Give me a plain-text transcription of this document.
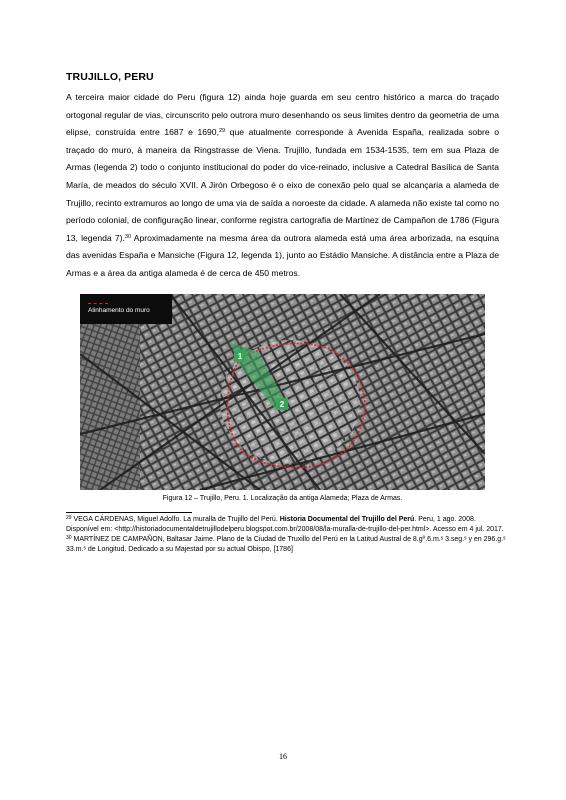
TRUJILLO, PERU
A terceira maior cidade do Peru (figura 12) ainda hoje guarda em seu centro histórico a marca do traçado ortogonal regular de vias, circunscrito pelo outrora muro desenhando os seus limites dentro da geometria de uma elipse, construída entre 1687 e 1690,29 que atualmente corresponde à Avenida España, realizada sobre o traçado do muro, à maneira da Ringstrasse de Viena. Trujillo, fundada em 1534-1535, tem em sua Plaza de Armas (legenda 2) todo o conjunto institucional do poder do vice-reinado, inclusive a Catedral Basílica de Santa María, de meados do século XVII. A Jirón Orbegoso é o eixo de conexão pelo qual se alcançaria a alameda de Trujillo, recinto extramuros ao longo de uma via de saída a noroeste da cidade. A alameda não existe tal como no período colonial, de configuração linear, conforme registra cartografia de Martínez de Campañon de 1786 (Figura 13, legenda 7).$^{30}$ Aproximadamente na mesma área da outrora alameda está uma área arborizada, na esquina das avenidas España e Mansiche (Figura 12, legenda 1), junto ao Estádio Mansiche. A distância entre a Plaza de Armas e a área da antiga alameda é de cerca de 450 metros.
1
2
Alinhamento do muro
Figura 12 – Trujillo, Peru. 1. Localização da antiga Alameda; Plaza de Armas.

$^{29}$ VEGA CÁRDENAS, Miguel Adolfo. La muralla de Trujillo del Perú. Historia Documental del Trujillo del Perú. Peru, 1 ago. 2008. Disponível em: <http://historiadocumentaldetrujillodelperu.blogspot.com.br/2008/08/la-muralla-de-trujillo-del-per.html>. Acesso em 4 jul. 2017.

$^{30}$ MARTÍNEZ DE CAMPAÑON, Baltasar Jaime. Plano de la Ciudad de Truxillo del Perú en la Latitud Austral de 8.gº.6.m.ˢ 3.seg.ˢ y en 296.g.ˢ 33.m.ˢ de Longitud. Dedicado a su Majestad por su actual Obispo, [1786]

16
